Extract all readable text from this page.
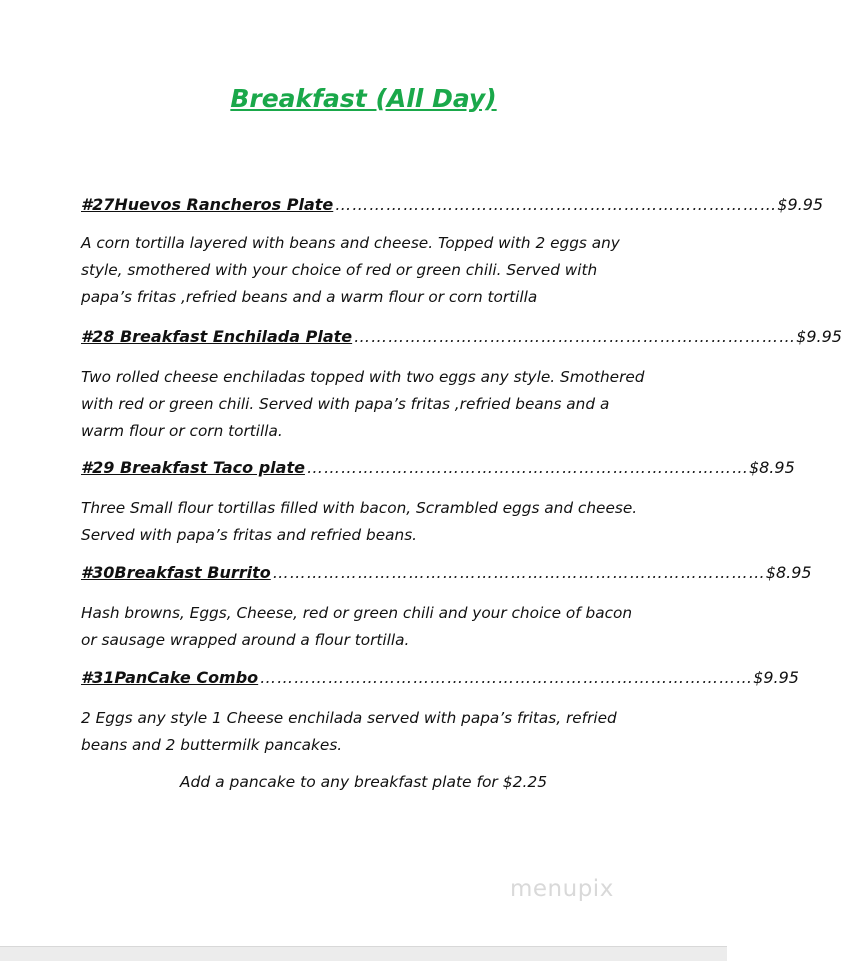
Breakfast (All Day)
#27Huevos Rancheros Plate …………………………………………………………………… $9.95
A corn tortilla layered with beans and cheese. Topped with 2 eggs any style, smothered with your choice of red or green chili. Served with papa’s fritas ,refried beans and a warm flour or corn tortilla
#28 Breakfast Enchilada Plate …………………………………………………………………… $9.95
Two rolled cheese enchiladas topped with two eggs any style. Smothered with red or green chili. Served with papa’s fritas ,refried beans and a warm flour or corn tortilla.
#29 Breakfast Taco plate …………………………………………………………………… $8.95
Three Small flour tortillas filled with bacon, Scrambled eggs and cheese. Served with papa’s fritas and refried beans.
#30Breakfast Burrito …………………………………………………………………………… $8.95
Hash browns, Eggs, Cheese, red or green chili and your choice of bacon or sausage wrapped around a flour tortilla.
#31PanCake Combo …………………………………………………………………………… $9.95
2 Eggs any style 1 Cheese enchilada served with papa’s fritas, refried beans and 2 buttermilk pancakes.
Add a pancake to any breakfast plate for $2.25
menupix
